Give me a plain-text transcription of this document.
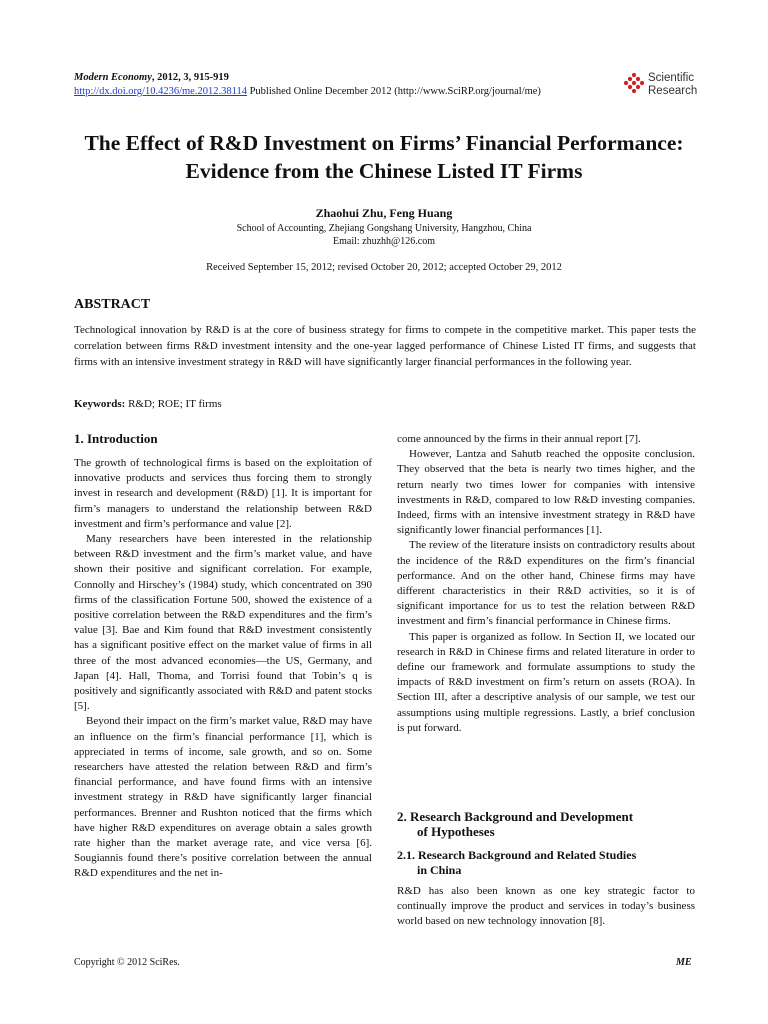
Modern Economy, 2012, 3, 915-919
http://dx.doi.org/10.4236/me.2012.38114 Published Online December 2012 (http://www.SciRP.org/journal/me)
Scientific
Research
The Effect of R&D Investment on Firms’ Financial Performance: Evidence from the Chinese Listed IT Firms
Zhaohui Zhu, Feng Huang
School of Accounting, Zhejiang Gongshang University, Hangzhou, China
Email: zhuzhh@126.com
Received September 15, 2012; revised October 20, 2012; accepted October 29, 2012
ABSTRACT

Technological innovation by R&D is at the core of business strategy for firms to compete in the competitive market. This paper tests the correlation between firms R&D investment intensity and the one-year lagged performance of Chinese Listed IT firms, and suggests that firms with an intensive investment strategy in R&D will have significantly larger financial performances in the following year.

Keywords: R&D; ROE; IT firms
1. Introduction

The growth of technological firms is based on the exploitation of innovative products and services thus forcing them to strongly invest in research and development (R&D) [1]. It is important for firm’s managers to understand the relationship between R&D investment and firm’s performance and value [2].

Many researchers have been interested in the relationship between R&D investment and the firm’s market value, and have shown their positive and significant correlation. For example, Connolly and Hirschey’s (1984) study, which concentrated on 390 firms of the classification Fortune 500, showed the existence of a positive correlation between the R&D expenditures and the firm’s value [3]. Bae and Kim found that R&D investment consistently has a significant positive effect on the market value of firms in all three of the most advanced economies—the US, Germany, and Japan [4]. Hall, Thoma, and Torrisi found that Tobin’s q is positively and significantly associated with R&D and patent stocks [5].

Beyond their impact on the firm’s market value, R&D may have an influence on the firm’s financial performance [1], which is appreciated in terms of income, sale growth, and so on. Some researchers have attested the relation between R&D and firm’s financial performance, and have found firms with an intensive investment strategy in R&D have significantly larger financial performances. Brenner and Rushton noticed that the firms which have higher R&D expenditures on average obtain a sales growth rate higher than the market average rate, and vice versa [6]. Sougiannis found there’s positive correlation between the annual R&D expenditures and the net in-

come announced by the firms in their annual report [7].

However, Lantza and Sahutb reached the opposite conclusion. They observed that the beta is nearly two times higher, and the return nearly two times lower for companies with intensive investments in R&D, compared to low R&D investing companies. Indeed, firms with an intensive investment strategy in R&D have significantly lower financial performances [1].

The review of the literature insists on contradictory results about the incidence of the R&D expenditures on the firm’s financial performance. And on the other hand, Chinese firms may have different characteristics in their R&D activities, so it is of significant importance for us to test the relation between R&D investment and firm’s financial performance in Chinese firms.

This paper is organized as follow. In Section II, we located our research in R&D in Chinese firms and related literature in order to define our framework and formulate assumptions to study the impacts of R&D investment on firm’s return on assets (ROA). In Section III, after a descriptive analysis of our sample, we test our assumptions using multiple regressions. Lastly, a brief conclusion is put forward.

2. Research Background and Development
of Hypotheses
2.1. Research Background and Related Studies
in China

R&D has also been known as one key strategic factor to continually improve the product and services in today’s business world based on new technology innovation [8].

Copyright © 2012 SciRes.	ME
